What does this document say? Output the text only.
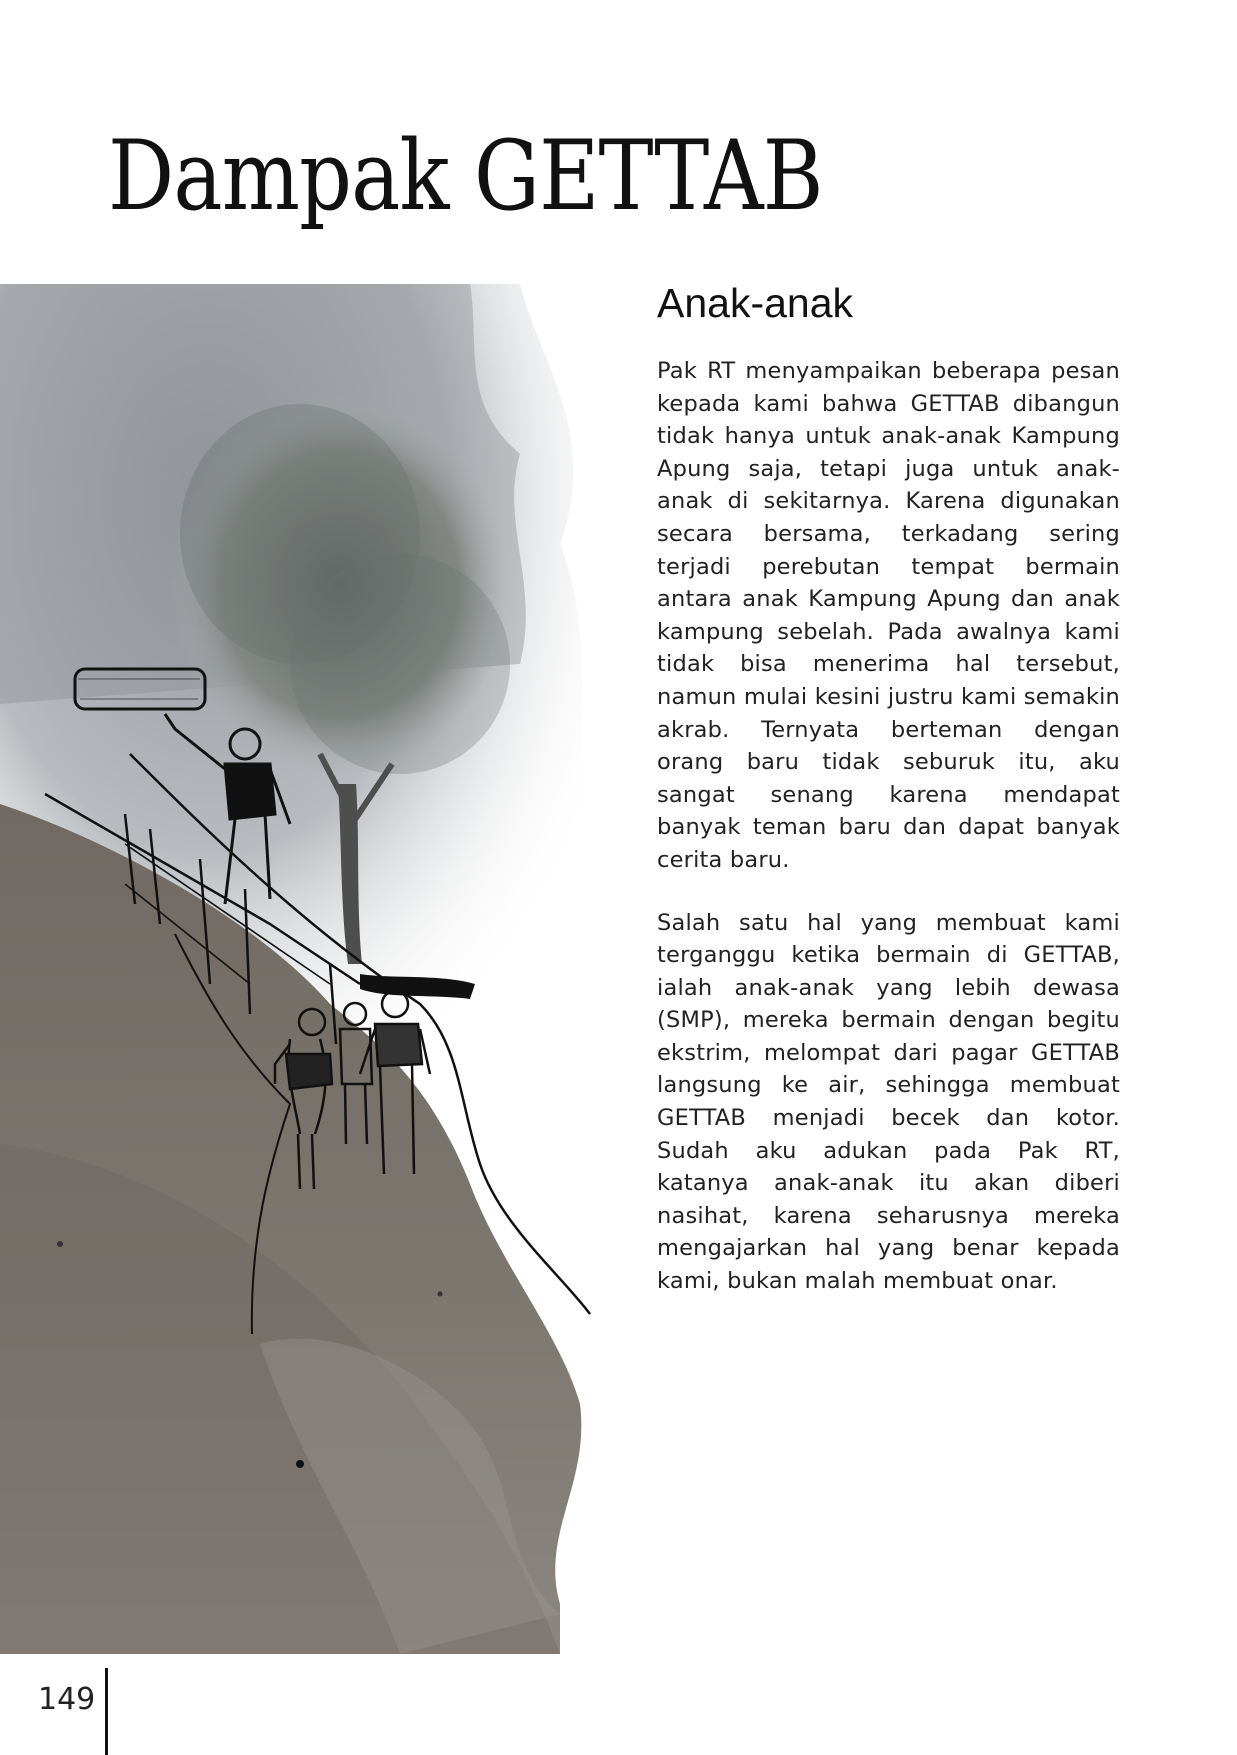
Dampak GETTAB
Anak-anak

Pak RT menyampaikan beberapa pesan kepada kami bahwa GETTAB dibangun tidak hanya untuk anak-anak Kampung Apung saja, tetapi juga untuk anak-anak di sekitarnya. Karena digunakan secara bersama, terkadang sering terjadi perebutan tempat bermain antara anak Kampung Apung dan anak kampung sebelah. Pada awalnya kami tidak bisa menerima hal tersebut, namun mulai kesini justru kami semakin akrab. Ternyata berteman dengan orang baru tidak seburuk itu, aku sangat senang karena mendapat banyak teman baru dan dapat banyak cerita baru.

Salah satu hal yang membuat kami terganggu ketika bermain di GETTAB, ialah anak-anak yang lebih dewasa (SMP), mereka bermain dengan begitu ekstrim, melompat dari pagar GETTAB langsung ke air, sehingga membuat GETTAB menjadi becek dan kotor. Sudah aku adukan pada Pak RT, katanya anak-anak itu akan diberi nasihat, karena seharusnya mereka mengajarkan hal yang benar kepada kami, bukan malah membuat onar.

149
